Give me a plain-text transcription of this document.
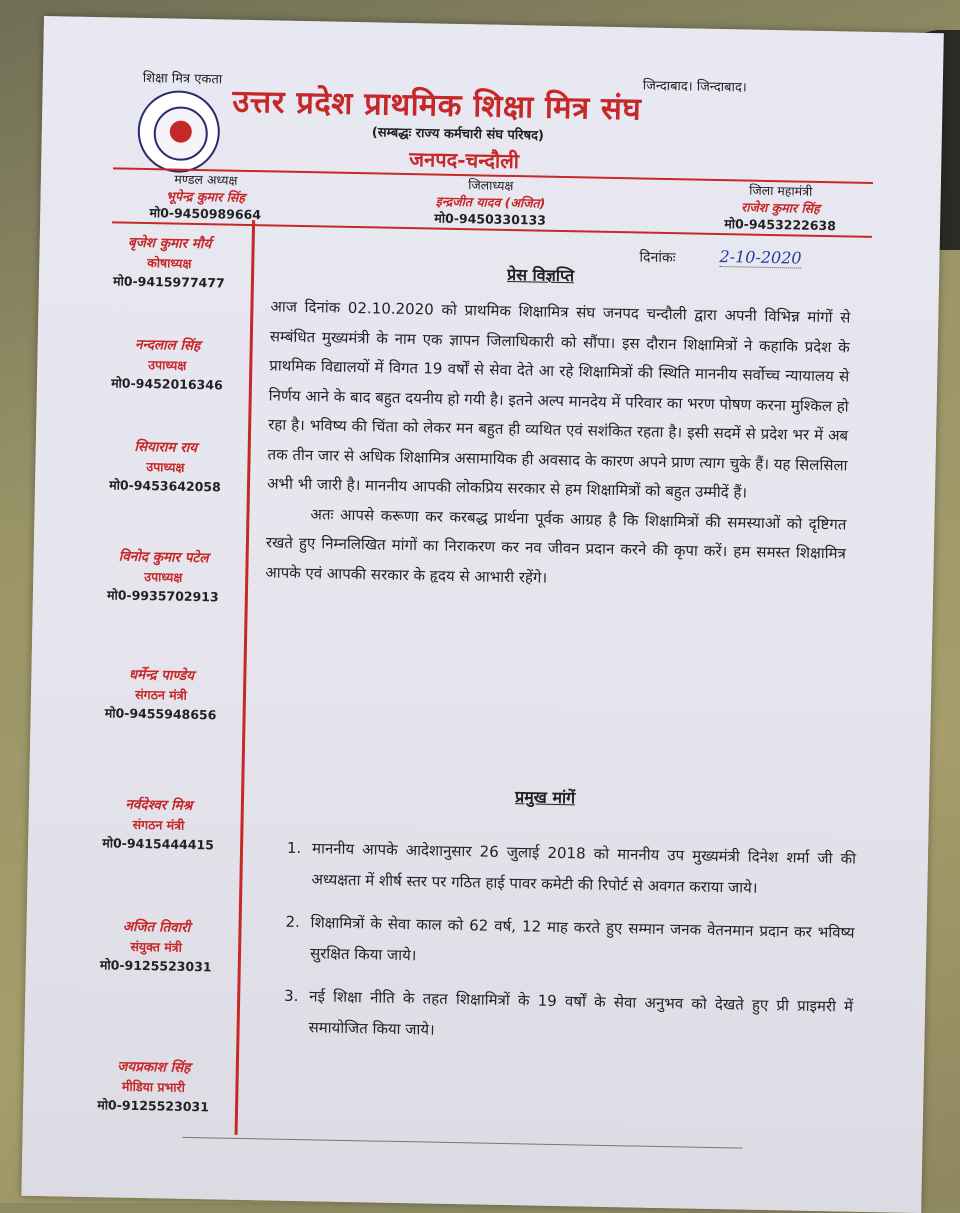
शिक्षा मित्र एकता	जिन्दाबाद। जिन्दाबाद।
उत्तर प्रदेश प्राथमिक शिक्षा मित्र संघ
(सम्बद्धः राज्य कर्मचारी संघ परिषद)
जनपद-चन्दौली
मण्डल अध्यक्ष
भूपेन्द्र कुमार सिंह
मो0-9450989664
जिलाध्यक्ष
इन्द्रजीत यादव (अजित)
मो0-9450330133
जिला महामंत्री
राजेश कुमार सिंह
मो0-9453222638
बृजेश कुमार मौर्य
कोषाध्यक्ष
मो0-9415977477
नन्दलाल सिंह
उपाध्यक्ष
मो0-9452016346
सियाराम राय
उपाध्यक्ष
मो0-9453642058
विनोद कुमार पटेल
उपाध्यक्ष
मो0-9935702913
धर्मेन्द्र पाण्डेय
संगठन मंत्री
मो0-9455948656
नर्वदेश्वर मिश्र
संगठन मंत्री
मो0-9415444415
अजित तिवारी
संयुक्त मंत्री
मो0-9125523031
जयप्रकाश सिंह
मीडिया प्रभारी
मो0-9125523031
दिनांकः	2-10-2020
प्रेस विज्ञप्ति

आज दिनांक 02.10.2020 को प्राथमिक शिक्षामित्र संघ जनपद चन्दौली द्वारा अपनी विभिन्न मांगों से सम्बंधित मुख्यमंत्री के नाम एक ज्ञापन जिलाधिकारी को सौंपा। इस दौरान शिक्षामित्रों ने कहाकि प्रदेश के प्राथमिक विद्यालयों में विगत 19 वर्षों से सेवा देते आ रहे शिक्षामित्रों की स्थिति माननीय सर्वोच्च न्यायालय से निर्णय आने के बाद बहुत दयनीय हो गयी है। इतने अल्प मानदेय में परिवार का भरण पोषण करना मुश्किल हो रहा है। भविष्य की चिंता को लेकर मन बहुत ही व्यथित एवं सशंकित रहता है। इसी सदमें से प्रदेश भर में अब तक तीन जार से अधिक शिक्षामित्र असामायिक ही अवसाद के कारण अपने प्राण त्याग चुके हैं। यह सिलसिला अभी भी जारी है। माननीय आपकी लोकप्रिय सरकार से हम शिक्षामित्रों को बहुत उम्मीदें हैं।

अतः आपसे करूणा कर करबद्ध प्रार्थना पूर्वक आग्रह है कि शिक्षामित्रों की समस्याओं को दृष्टिगत रखते हुए निम्नलिखित मांगों का निराकरण कर नव जीवन प्रदान करने की कृपा करें। हम समस्त शिक्षामित्र आपके एवं आपकी सरकार के हृदय से आभारी रहेंगे।

प्रमुख मांगें
1. माननीय आपके आदेशानुसार 26 जुलाई 2018 को माननीय उप मुख्यमंत्री दिनेश शर्मा जी की अध्यक्षता में शीर्ष स्तर पर गठित हाई पावर कमेटी की रिपोर्ट से अवगत कराया जाये।
2. शिक्षामित्रों के सेवा काल को 62 वर्ष, 12 माह करते हुए सम्मान जनक वेतनमान प्रदान कर भविष्य सुरक्षित किया जाये।
3. नई शिक्षा नीति के तहत शिक्षामित्रों के 19 वर्षों के सेवा अनुभव को देखते हुए प्री प्राइमरी में समायोजित किया जाये।
